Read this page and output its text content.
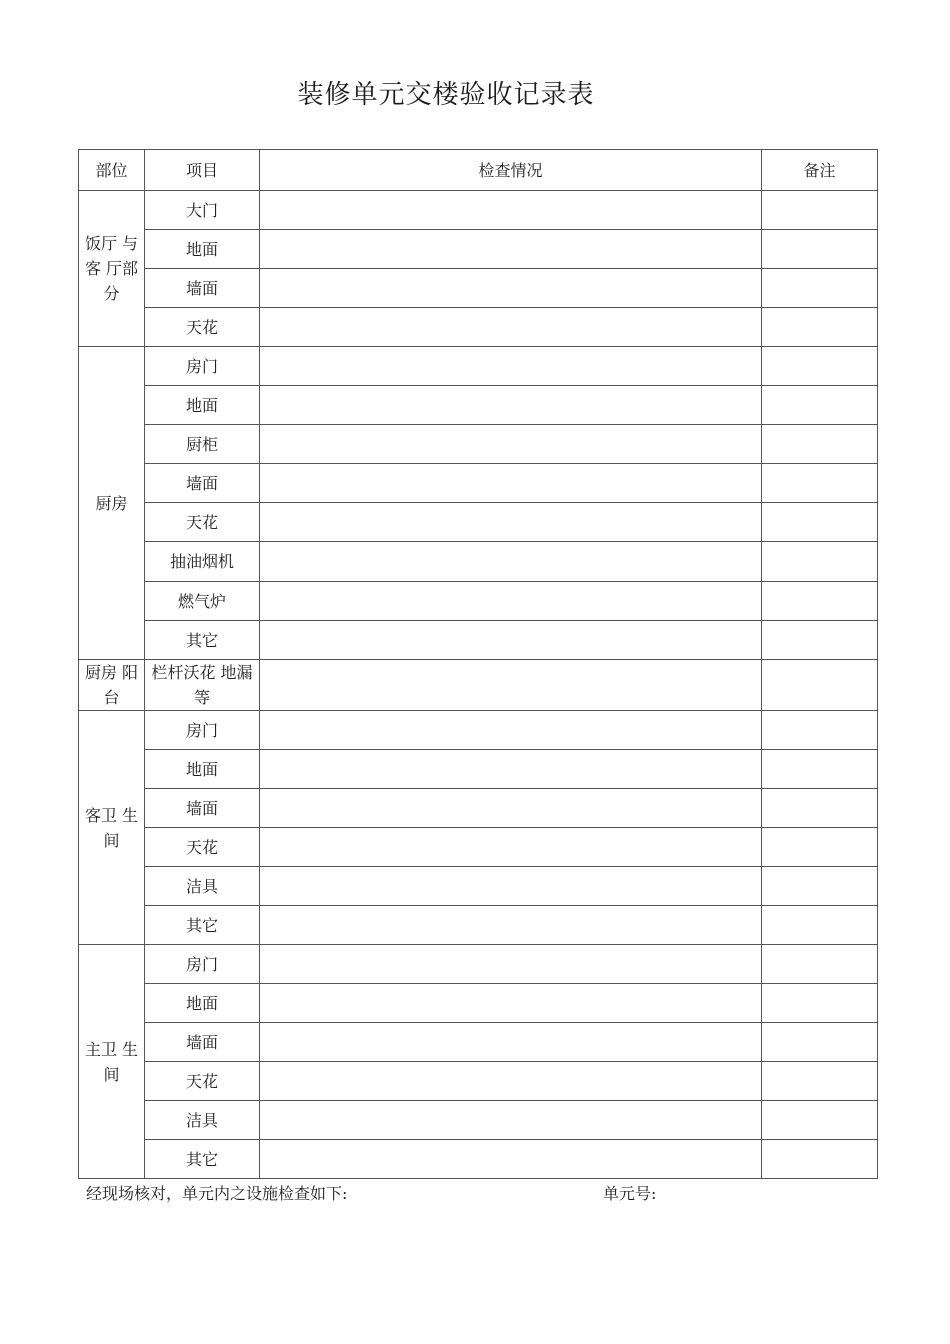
装修单元交楼验收记录表
部位	项目	检查情况	备注
饭厅 与 客 厅部分	大门		
	地面		
	墙面		
	天花		
厨房	房门		
	地面		
	厨柜		
	墙面		
	天花		
	抽油烟机		
	燃气炉		
	其它		
厨房 阳台	栏杆沃花 地漏等		
客卫 生间	房门		
	地面		
	墙面		
	天花		
	洁具		
	其它		
主卫 生间	房门		
	地面		
	墙面		
	天花		
	洁具		
	其它		
经现场核对，单元内之设施检查如下:	单元号:
